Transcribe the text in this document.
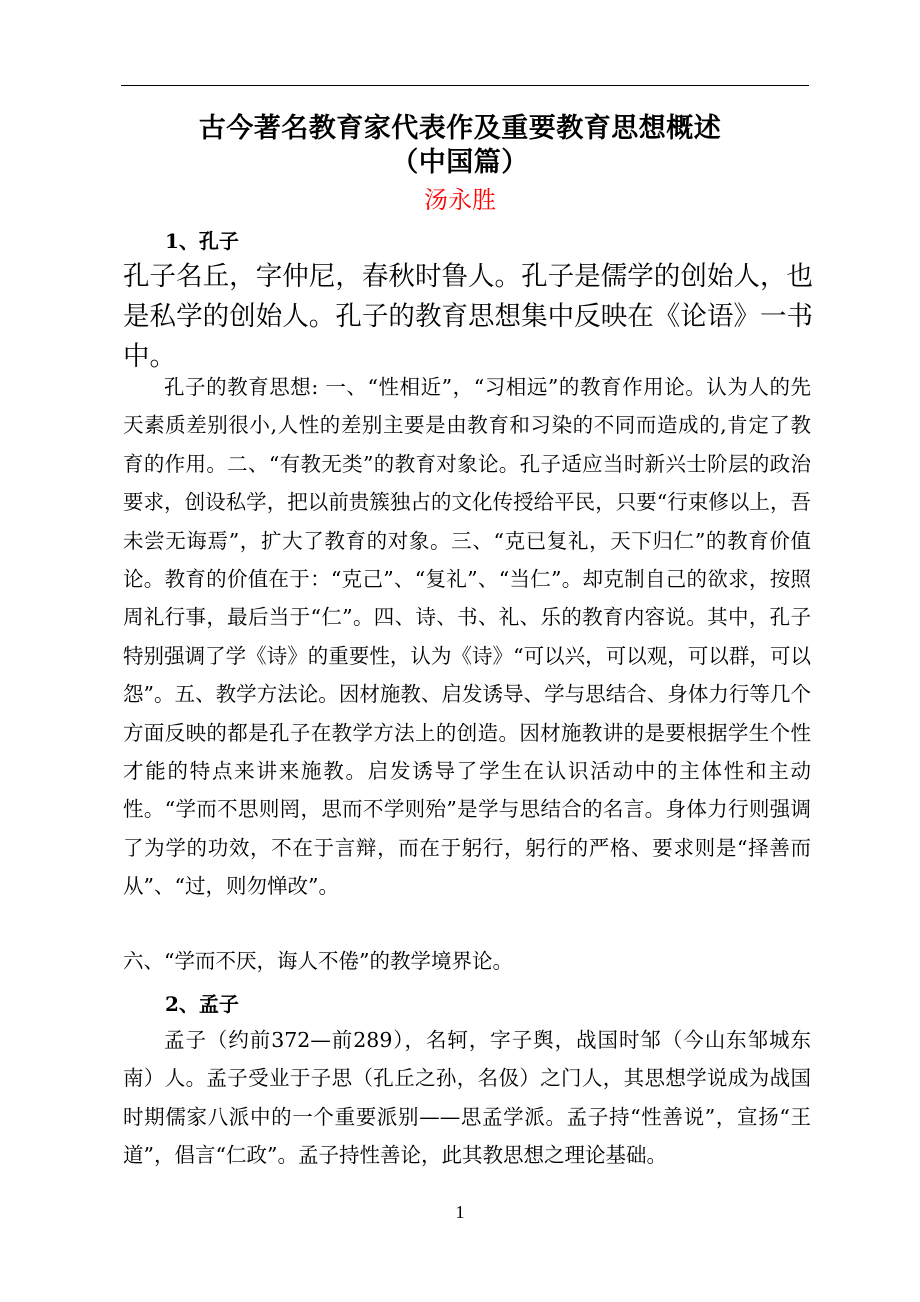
古今著名教育家代表作及重要教育思想概述
（中国篇）
汤永胜
1、孔子
孔子名丘，字仲尼，春秋时鲁人。孔子是儒学的创始人，也是私学的创始人。孔子的教育思想集中反映在《论语》一书中。
孔子的教育思想: 一、“性相近”，“习相远”的教育作用论。认为人的先天素质差别很小,人性的差别主要是由教育和习染的不同而造成的,肯定了教育的作用。二、“有教无类”的教育对象论。孔子适应当时新兴士阶层的政治要求，创设私学，把以前贵簇独占的文化传授给平民，只要“行束修以上，吾未尝无诲焉”，扩大了教育的对象。三、“克已复礼，天下归仁”的教育价值论。教育的价值在于：“克己”、“复礼”、“当仁”。却克制自己的欲求，按照周礼行事，最后当于“仁”。四、诗、书、礼、乐的教育内容说。其中，孔子特别强调了学《诗》的重要性，认为《诗》“可以兴，可以观，可以群，可以怨”。五、教学方法论。因材施教、启发诱导、学与思结合、身体力行等几个方面反映的都是孔子在教学方法上的创造。因材施教讲的是要根据学生个性才能的特点来讲来施教。启发诱导了学生在认识活动中的主体性和主动性。“学而不思则罔，思而不学则殆”是学与思结合的名言。身体力行则强调了为学的功效，不在于言辩，而在于躬行，躬行的严格、要求则是“择善而从”、“过，则勿惮改”。
六、“学而不厌，诲人不倦”的教学境界论。
2、孟子
孟子（约前372—前289），名轲，字子舆，战国时邹（今山东邹城东南）人。孟子受业于子思（孔丘之孙，名伋）之门人，其思想学说成为战国时期儒家八派中的一个重要派别——思孟学派。孟子持“性善说”，宣扬“王道”，倡言“仁政”。孟子持性善论，此其教思想之理论基础。
1
